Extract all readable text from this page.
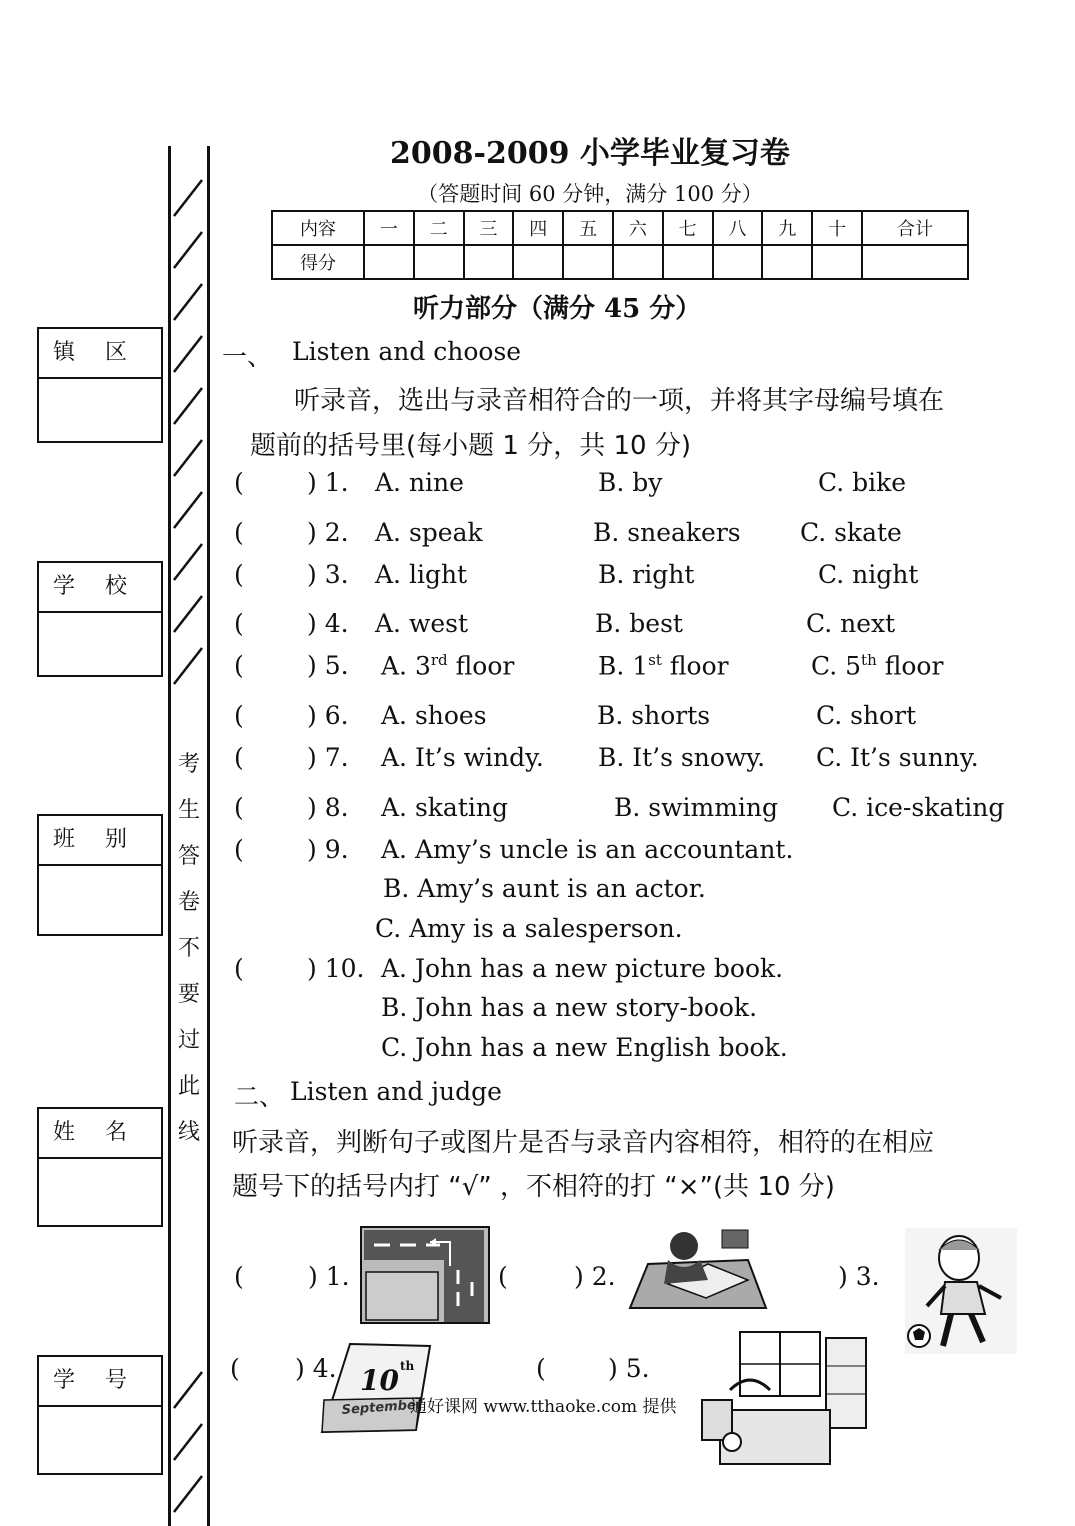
考
生
答
卷
不
要
过
此
线
镇区
学校
班别
姓名
学号
2008-2009 小学毕业复习卷
（答题时间 60 分钟，满分 100 分）
内容	一	二	三	四	五	六	七	八	九	十	合计
得分											
听力部分（满分 45 分）
一、 Listen and choose
听录音，选出与录音相符合的一项，并将其字母编号填在
题前的括号里(每小题 1 分，共 10 分)
(	) 1. A. nine	B. by	C. bike
(	) 2. A. speak	B. sneakers C. skate
(	) 3. A. light	B. right	C. night
(	) 4. A. west	B. best	C. next
(	) 5. A. 3rd floor	B. 1st floor	C. 5th floor
(	) 6. A. shoes	B. shorts	C. short
(	) 7. A. It’s windy. B. It’s snowy. C. It’s sunny.
(	) 8. A. skating	B. swimming C. ice-skating
(	) 9. A. Amy’s uncle is an accountant.
B. Amy’s aunt is an actor.
C. Amy is a salesperson.
(	) 10. A. John has a new picture book.
B. John has a new story-book.
C. John has a new English book.
二、 Listen and judge
听录音，判断句子或图片是否与录音内容相符，相符的在相应
题号下的括号内打 “√” ，不相符的打 “×”(共 10 分)
(	) 1.	(	) 2.	) 3.
( ) 4.	( ) 5.
10 th
September
通好课网 www.tthaoke.com 提供
